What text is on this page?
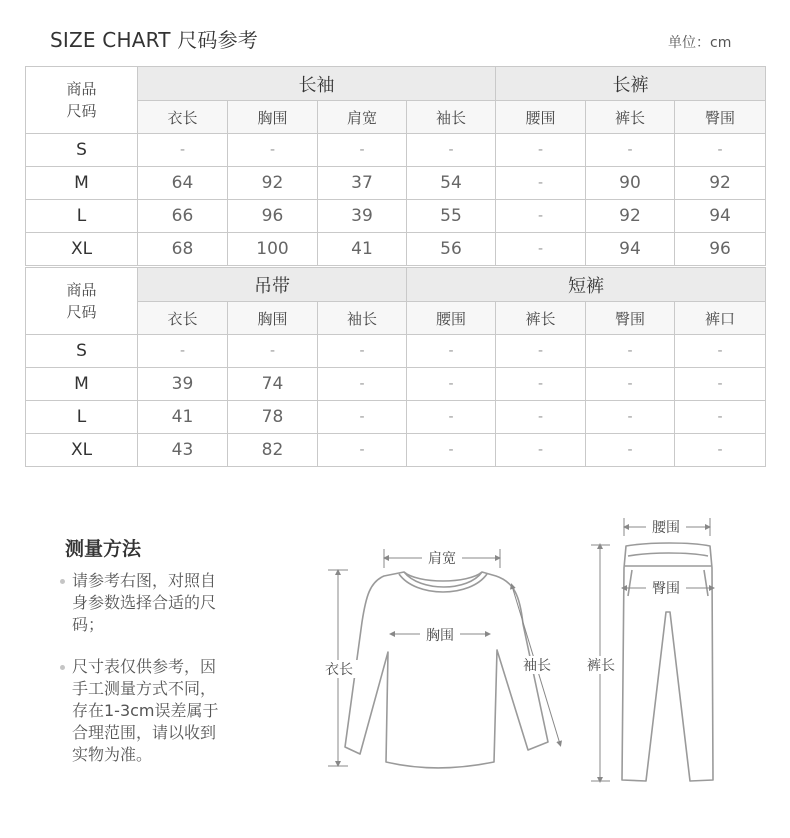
SIZE CHART 尺码参考	单位：cm
商品
尺码	长袖				长裤		
	衣长	胸围	肩宽	袖长	腰围	裤长	臀围
S	-	-	-	-	-	-	-
M	64	92	37	54	-	90	92
L	66	96	39	55	-	92	94
XL	68	100	41	56	-	94	96
商品
尺码	吊带			短裤			
	衣长	胸围	袖长	腰围	裤长	臀围	裤口
S	-	-	-	-	-	-	-
M	39	74	-	-	-	-	-
L	41	78	-	-	-	-	-
XL	43	82	-	-	-	-	-
测量方法
请参考右图，对照自
身参数选择合适的尺
码；
尺寸表仅供参考，因
手工测量方式不同，
存在1-3cm误差属于
合理范围，请以收到
实物为准。
肩宽
胸围
衣长	袖长
腰围
臀围
裤长
